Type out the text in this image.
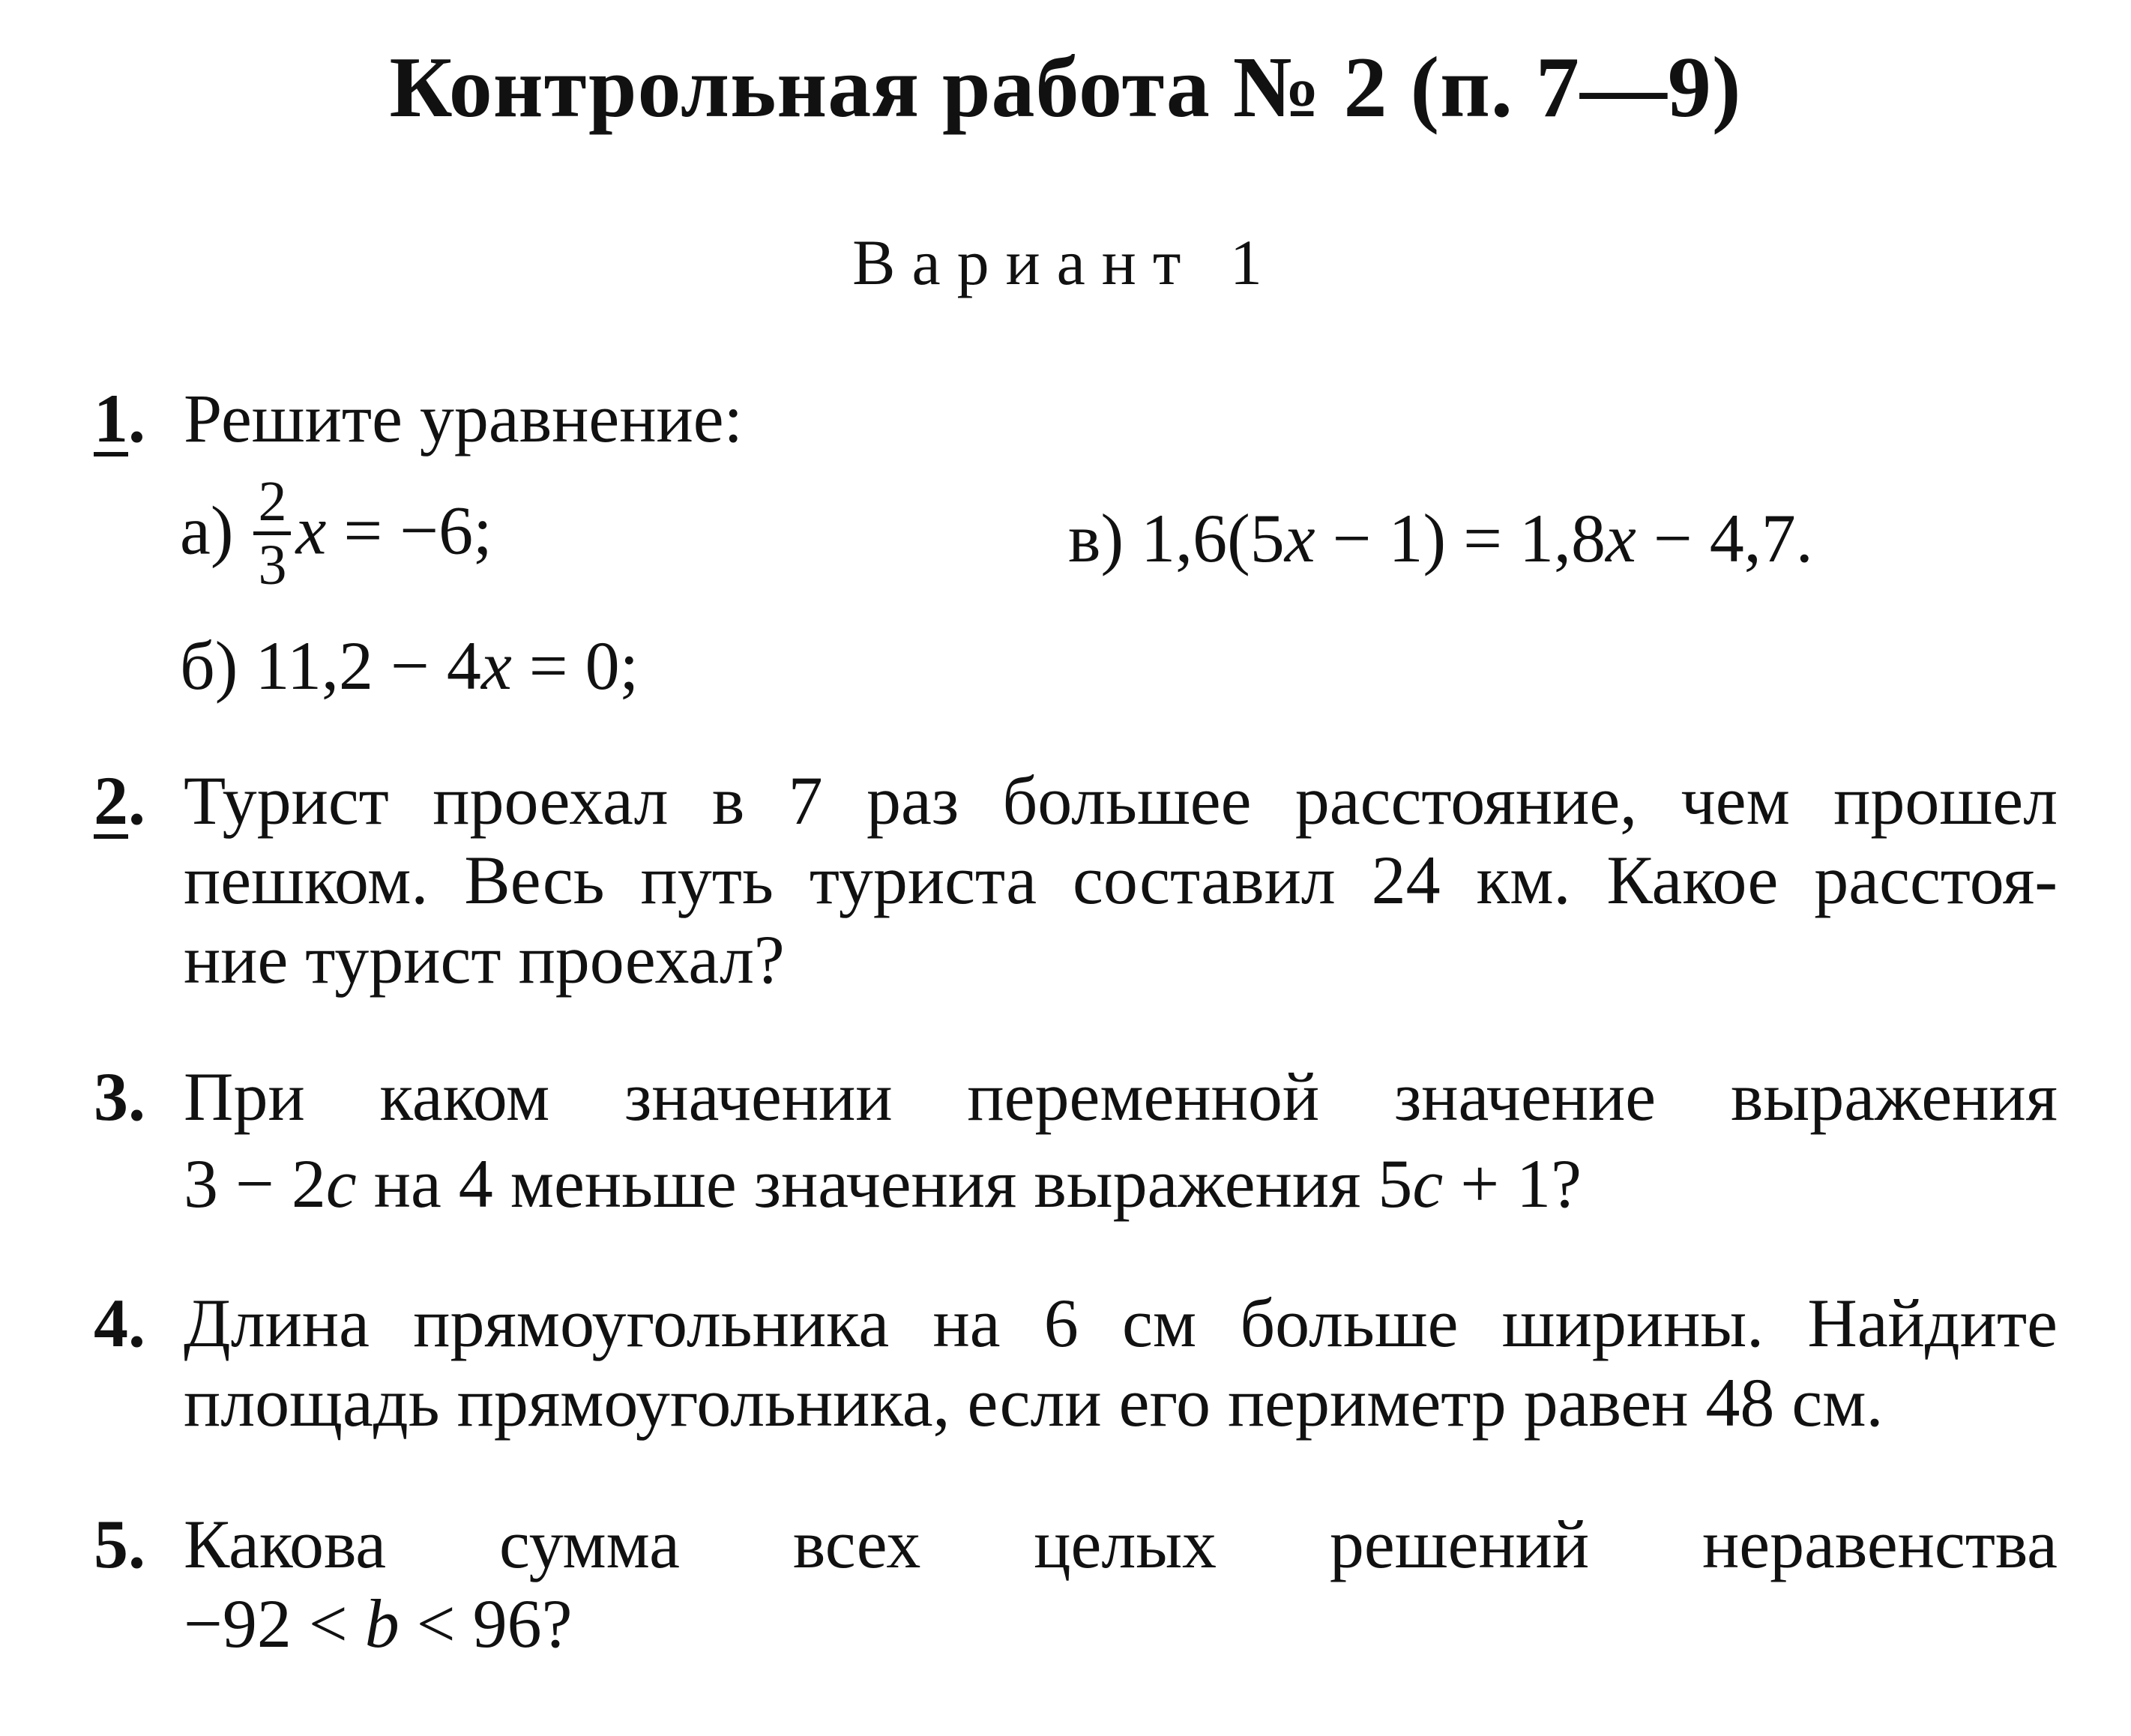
Контрольная работа № 2 (п. 7—9)
Вариант 1
1. Решите уравнение:
$а) \frac{2}{3}$ x = −6;	в) 1,6(5x − 1) = 1,8x − 4,7.
б) 11,2 − 4x = 0;
2. Турист проехал в 7 раз большее расстояние, чем прошел
пешком. Весь путь туриста составил 24 км. Какое расстоя-
ние турист проехал?
3. При каком значении переменной значение выражения
3 − 2c на 4 меньше значения выражения 5c + 1?
4. Длина прямоугольника на 6 см больше ширины. Найдите
площадь прямоугольника, если его периметр равен 48 см.
5. Какова сумма всех целых решений неравенства
−92 < b < 96?
